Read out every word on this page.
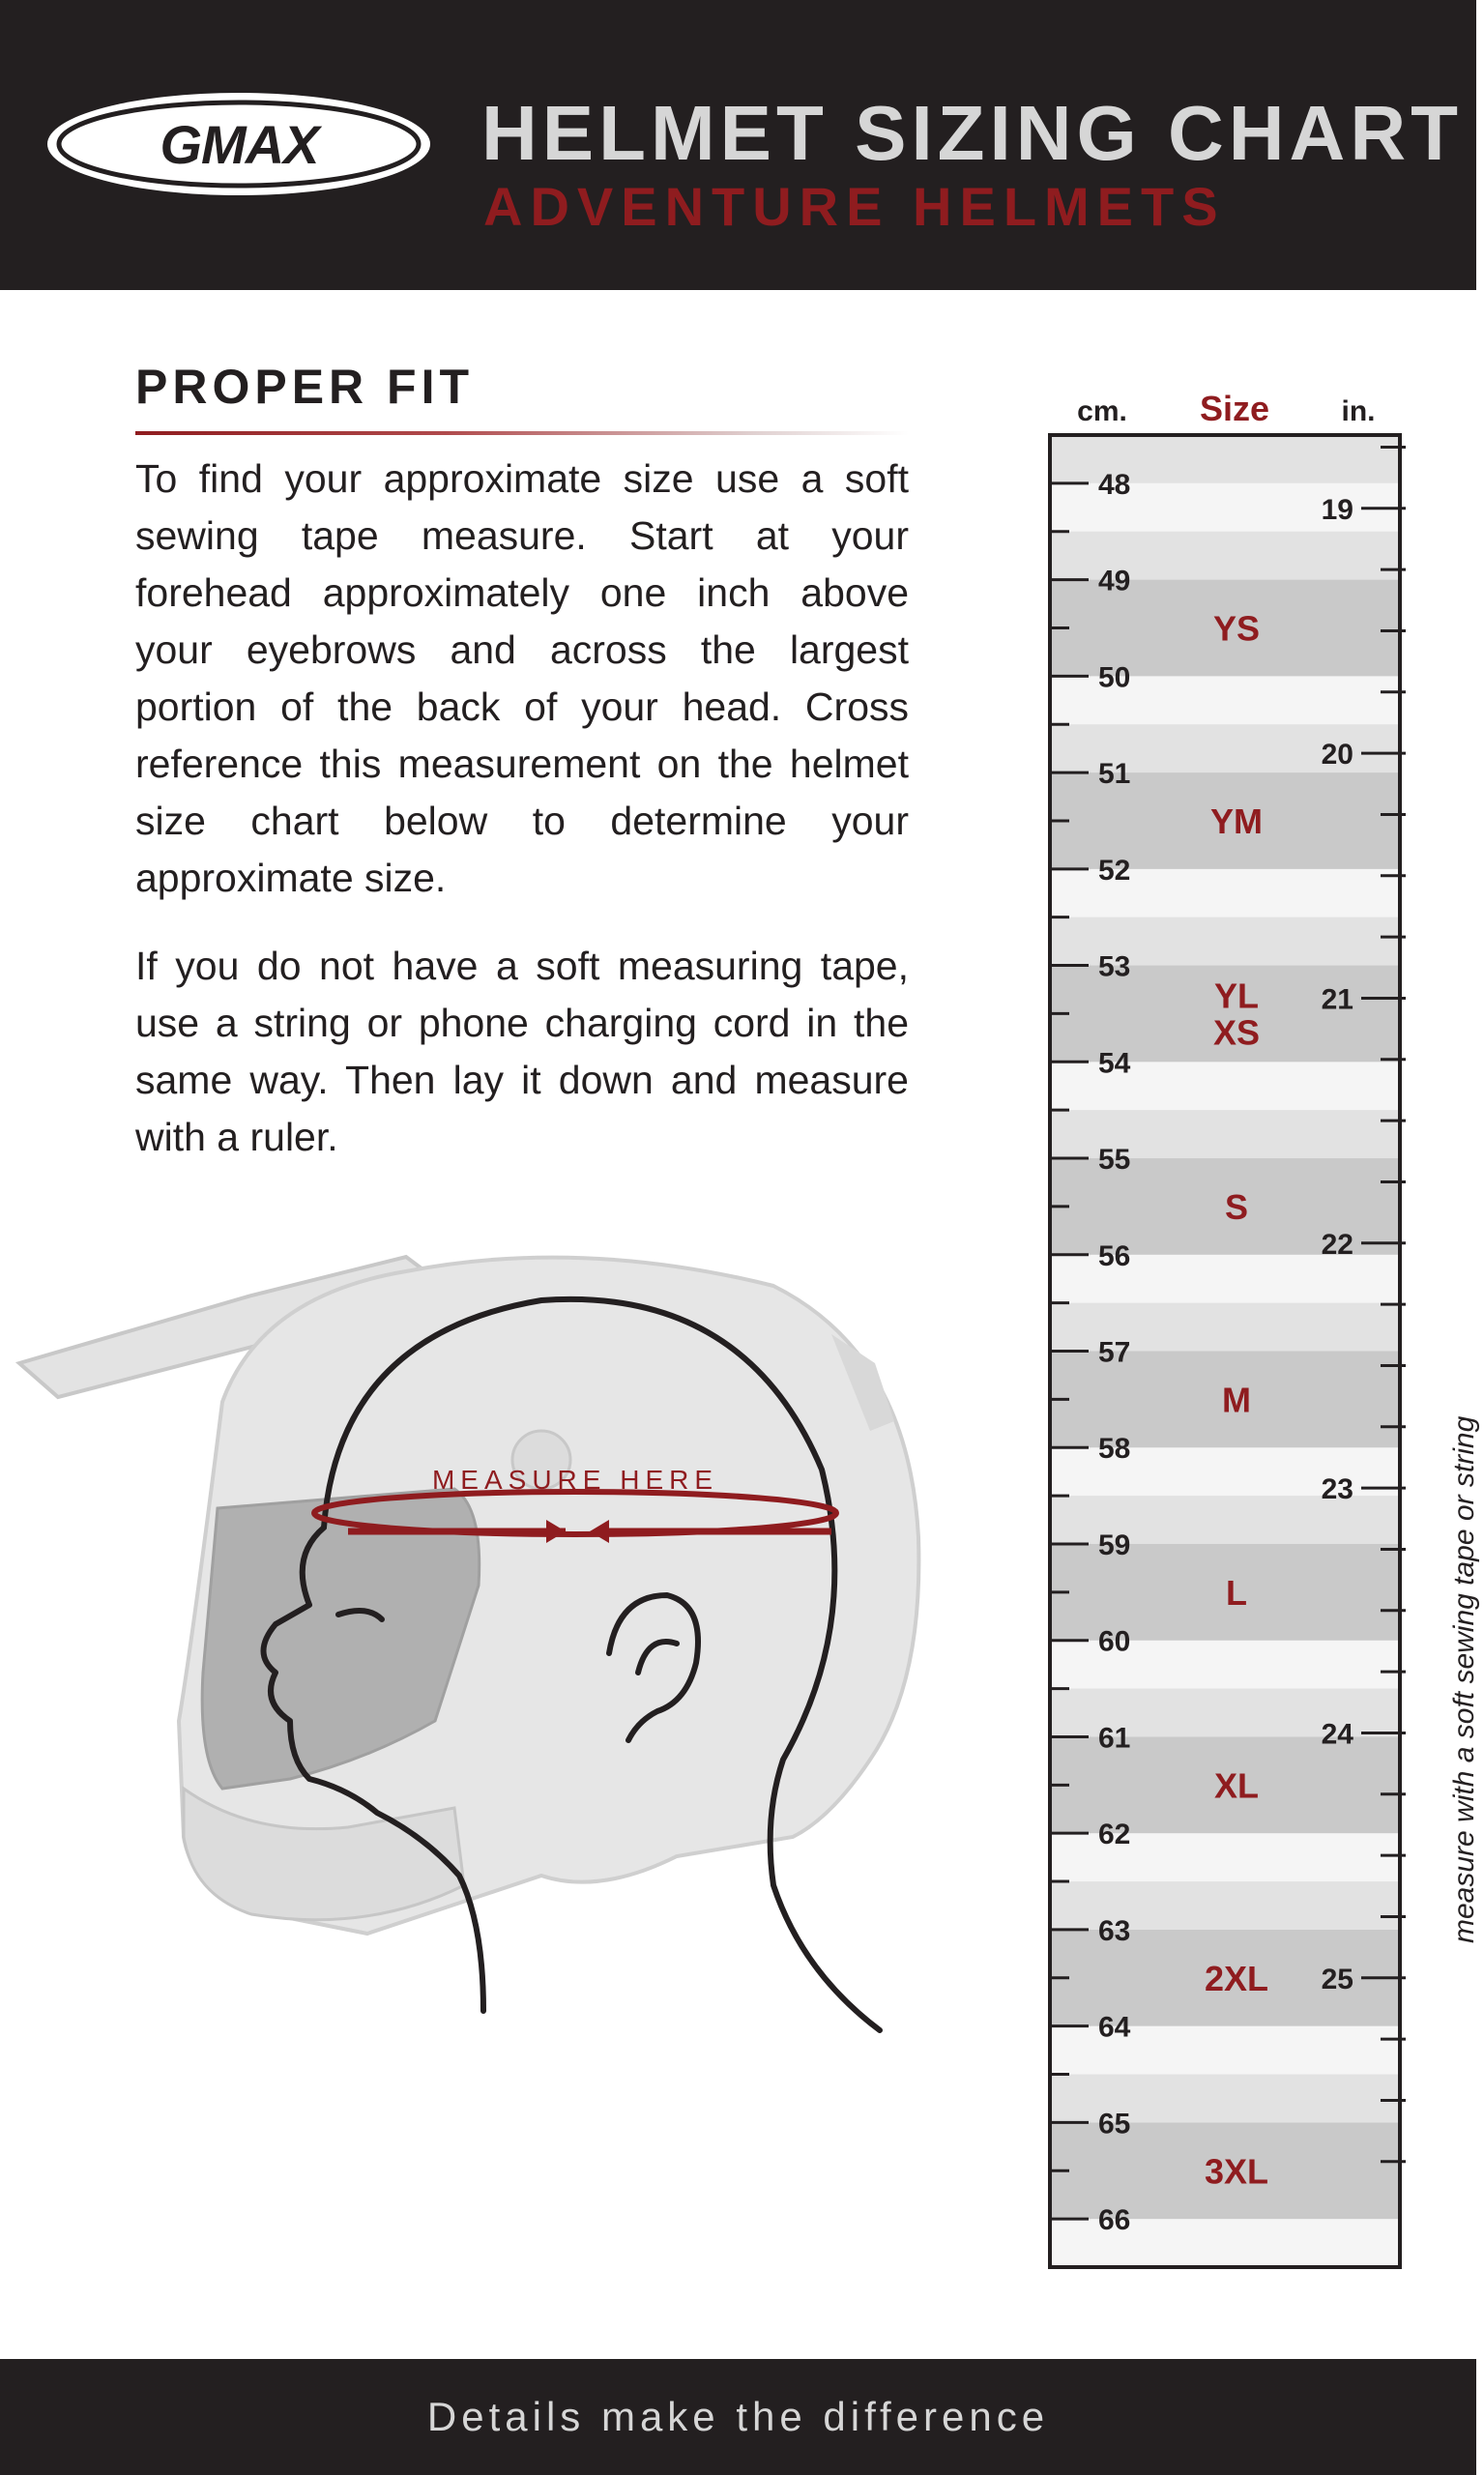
GMAX	HELMET SIZING CHART
ADVENTURE HELMETS
PROPER FIT

To find your approximate size use a soft sewing tape measure. Start at your forehead approximately one inch above your eyebrows and across the largest portion of the back of your head. Cross reference this measurement on the helmet size chart below to determine your approximate size.

If you do not have a soft measuring tape, use a string or phone charging cord in the same way. Then lay it down and measure with a ruler.

MEASURE HERE
cm. Size in.
YS
YM
YL XS
S
M
L
XL
2XL
3XL
48
49
50
51
52
53
54
55
56
57
58
59
60
61
62
63
64
65
66
19
20
21
22
23
24
25
measure with a soft sewing tape or string
Details make the difference
